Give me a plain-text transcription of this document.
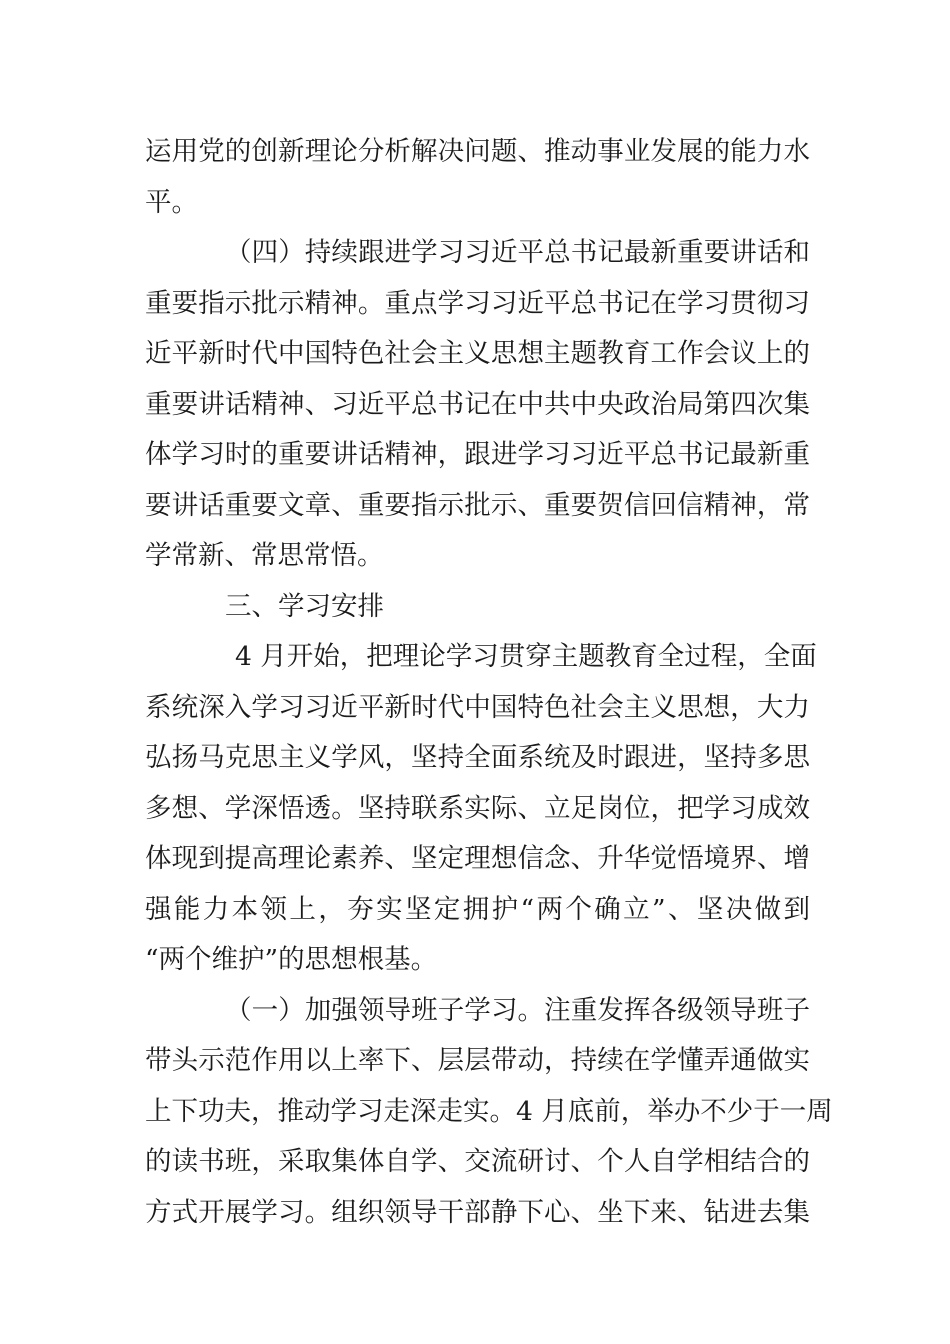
运用党的创新理论分析解决问题、推动事业发展的能力水
平。
（四）持续跟进学习习近平总书记最新重要讲话和
重要指示批示精神。重点学习习近平总书记在学习贯彻习
近平新时代中国特色社会主义思想主题教育工作会议上的
重要讲话精神、习近平总书记在中共中央政治局第四次集
体学习时的重要讲话精神，跟进学习习近平总书记最新重
要讲话重要文章、重要指示批示、重要贺信回信精神，常
学常新、常思常悟。
三、学习安排
4 月开始，把理论学习贯穿主题教育全过程，全面
系统深入学习习近平新时代中国特色社会主义思想，大力
弘扬马克思主义学风，坚持全面系统及时跟进，坚持多思
多想、学深悟透。坚持联系实际、立足岗位，把学习成效
体现到提高理论素养、坚定理想信念、升华觉悟境界、增
强能力本领上，夯实坚定拥护“两个确立”、坚决做到
“两个维护”的思想根基。
（一）加强领导班子学习。注重发挥各级领导班子
带头示范作用以上率下、层层带动，持续在学懂弄通做实
上下功夫，推动学习走深走实。4 月底前，举办不少于一周
的读书班，采取集体自学、交流研讨、个人自学相结合的
方式开展学习。组织领导干部静下心、坐下来、钻进去集
